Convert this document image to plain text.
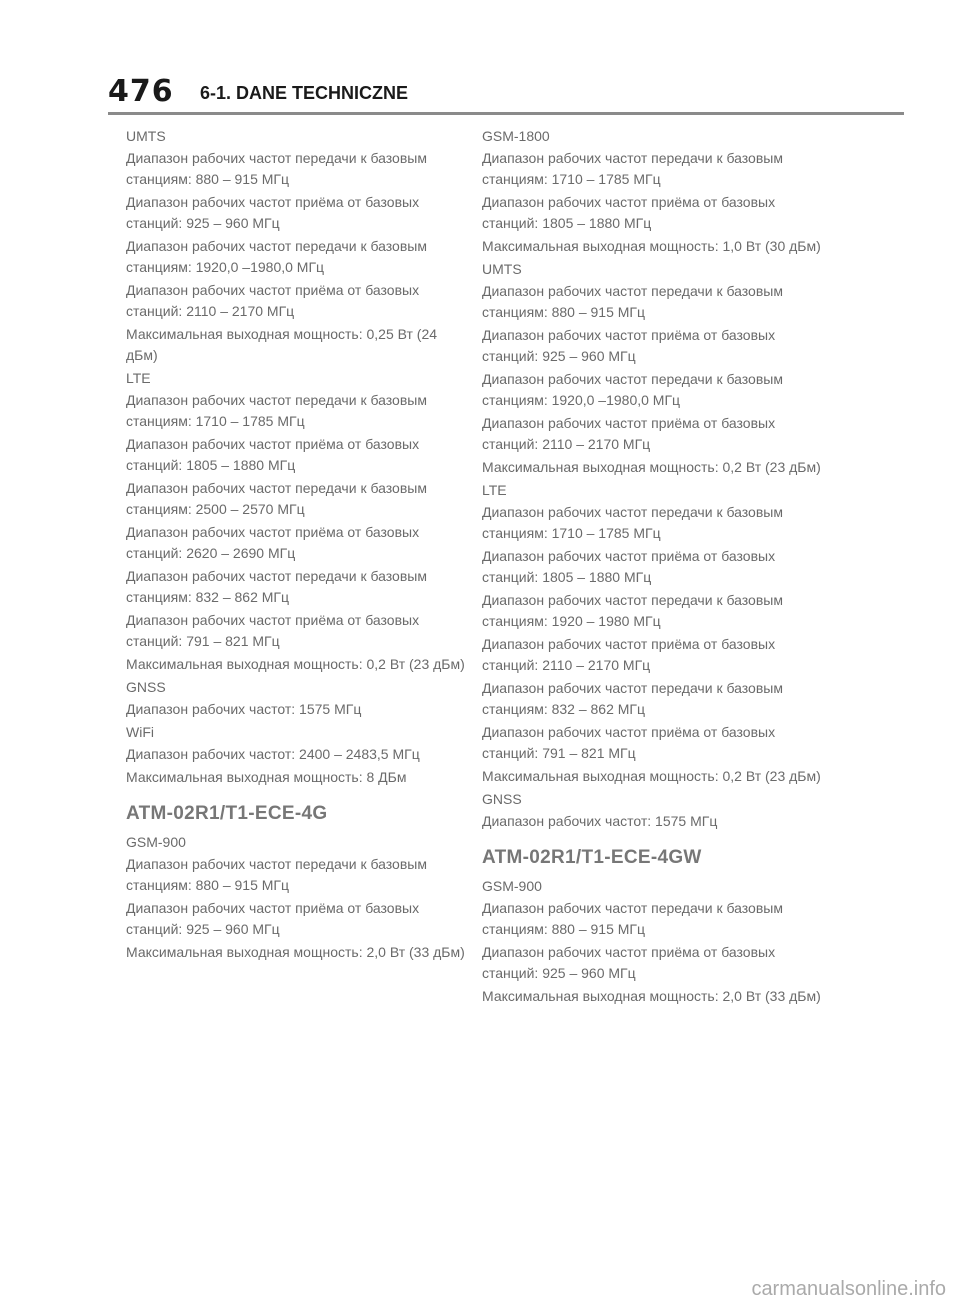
476 6-1. DANE TECHNICZNE

UMTS

Диапазон рабочих частот передачи к базовым станциям: 880 – 915 МГц

Диапазон рабочих частот приёма от базовых станций: 925 – 960 МГц

Диапазон рабочих частот передачи к базовым станциям: 1920,0 –1980,0 МГц

Диапазон рабочих частот приёма от базовых станций: 2110 – 2170 МГц

Максимальная выходная мощность: 0,25 Вт (24 дБм)

LTE

Диапазон рабочих частот передачи к базовым станциям: 1710 – 1785 МГц

Диапазон рабочих частот приёма от базовых станций: 1805 – 1880 МГц

Диапазон рабочих частот передачи к базовым станциям: 2500 – 2570 МГц

Диапазон рабочих частот приёма от базовых станций: 2620 – 2690 МГц

Диапазон рабочих частот передачи к базовым станциям: 832 – 862 МГц

Диапазон рабочих частот приёма от базовых станций: 791 – 821 МГц

Максимальная выходная мощность: 0,2 Вт (23 дБм)

GNSS

Диапазон рабочих частот: 1575 МГц

WiFi

Диапазон рабочих частот: 2400 – 2483,5 МГц

Максимальная выходная мощность: 8 ДБм

ATM-02R1/T1-ECE-4G

GSM-900

Диапазон рабочих частот передачи к базовым станциям: 880 – 915 МГц

Диапазон рабочих частот приёма от базовых станций: 925 – 960 МГц

Максимальная выходная мощность: 2,0 Вт (33 дБм)

GSM-1800

Диапазон рабочих частот передачи к базовым станциям: 1710 – 1785 МГц

Диапазон рабочих частот приёма от базовых станций: 1805 – 1880 МГц

Максимальная выходная мощность: 1,0 Вт (30 дБм)

UMTS

Диапазон рабочих частот передачи к базовым станциям: 880 – 915 МГц

Диапазон рабочих частот приёма от базовых станций: 925 – 960 МГц

Диапазон рабочих частот передачи к базовым станциям: 1920,0 –1980,0 МГц

Диапазон рабочих частот приёма от базовых станций: 2110 – 2170 МГц

Максимальная выходная мощность: 0,2 Вт (23 дБм)

LTE

Диапазон рабочих частот передачи к базовым станциям: 1710 – 1785 МГц

Диапазон рабочих частот приёма от базовых станций: 1805 – 1880 МГц

Диапазон рабочих частот передачи к базовым станциям: 1920 – 1980 МГц

Диапазон рабочих частот приёма от базовых станций: 2110 – 2170 МГц

Диапазон рабочих частот передачи к базовым станциям: 832 – 862 МГц

Диапазон рабочих частот приёма от базовых станций: 791 – 821 МГц

Максимальная выходная мощность: 0,2 Вт (23 дБм)

GNSS

Диапазон рабочих частот: 1575 МГц

ATM-02R1/T1-ECE-4GW

GSM-900

Диапазон рабочих частот передачи к базовым станциям: 880 – 915 МГц

Диапазон рабочих частот приёма от базовых станций: 925 – 960 МГц

Максимальная выходная мощность: 2,0 Вт (33 дБм)

carmanualsonline.info
